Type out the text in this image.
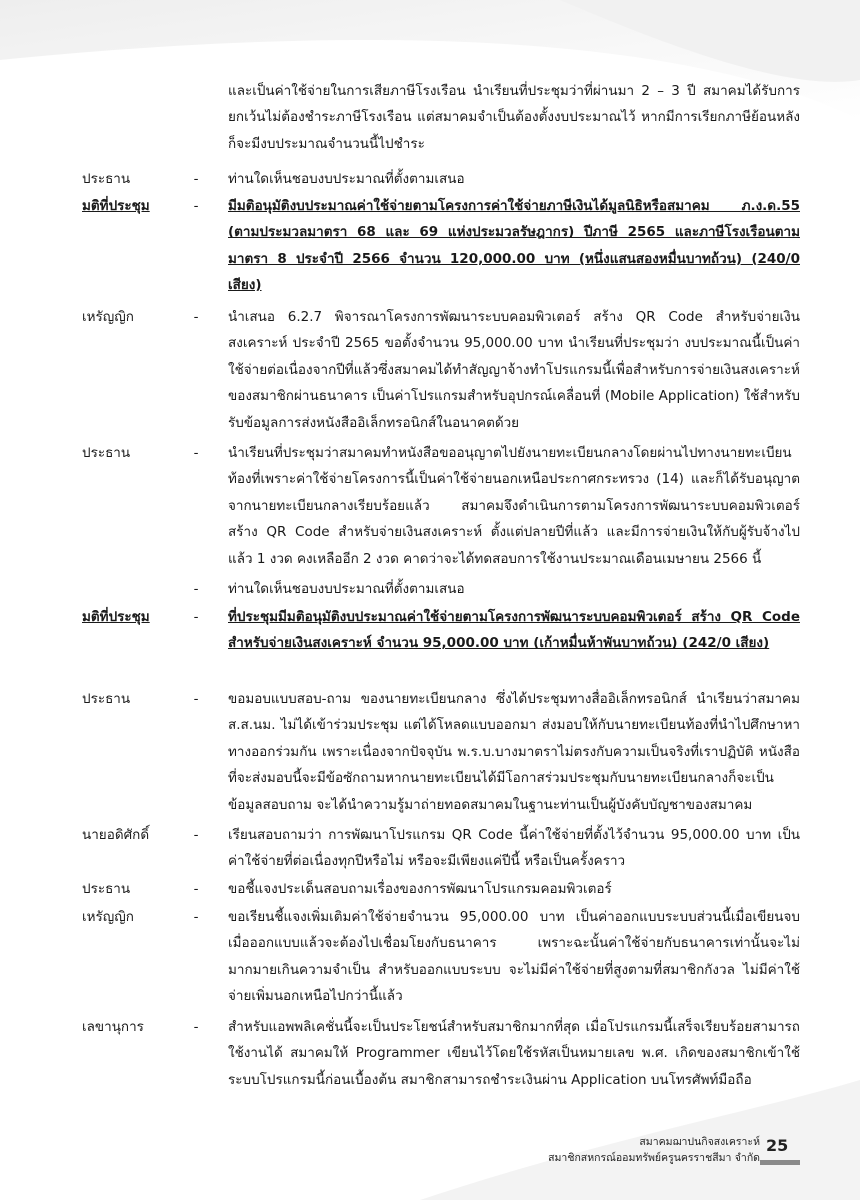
และเป็นค่าใช้จ่ายในการเสียภาษีโรงเรือน นำเรียนที่ประชุมว่าที่ผ่านมา 2 – 3 ปี สมาคมได้รับการยกเว้นไม่ต้องชำระภาษีโรงเรือน แต่สมาคมจำเป็นต้องตั้งงบประมาณไว้ หากมีการเรียกภาษีย้อนหลังก็จะมีงบประมาณจำนวนนี้ไปชำระ
ประธาน	-	ท่านใดเห็นชอบงบประมาณที่ตั้งตามเสนอ
มติที่ประชุม	-	มีมติอนุมัติงบประมาณค่าใช้จ่ายตามโครงการค่าใช้จ่ายภาษีเงินได้มูลนิธิหรือสมาคม ภ.ง.ด.55 (ตามประมวลมาตรา 68 และ 69 แห่งประมวลรัษฎากร) ปีภาษี 2565 และภาษีโรงเรือนตามมาตรา 8 ประจำปี 2566 จำนวน 120,000.00 บาท (หนึ่งแสนสองหมื่นบาทถ้วน) (240/0 เสียง)
เหรัญญิก	-	นำเสนอ 6.2.7 พิจารณาโครงการพัฒนาระบบคอมพิวเตอร์ สร้าง QR Code สำหรับจ่ายเงินสงเคราะห์ ประจำปี 2565 ขอตั้งจำนวน 95,000.00 บาท นำเรียนที่ประชุมว่า งบประมาณนี้เป็นค่าใช้จ่ายต่อเนื่องจากปีที่แล้วซึ่งสมาคมได้ทำสัญญาจ้างทำโปรแกรมนี้เพื่อสำหรับการจ่ายเงินสงเคราะห์ของสมาชิกผ่านธนาคาร เป็นค่าโปรแกรมสำหรับอุปกรณ์เคลื่อนที่ (Mobile Application) ใช้สำหรับรับข้อมูลการส่งหนังสืออิเล็กทรอนิกส์ในอนาคตด้วย
ประธาน	-	นำเรียนที่ประชุมว่าสมาคมทำหนังสือขออนุญาตไปยังนายทะเบียนกลางโดยผ่านไปทางนายทะเบียนท้องที่เพราะค่าใช้จ่ายโครงการนี้เป็นค่าใช้จ่ายนอกเหนือประกาศกระทรวง (14) และก็ได้รับอนุญาตจากนายทะเบียนกลางเรียบร้อยแล้ว สมาคมจึงดำเนินการตามโครงการพัฒนาระบบคอมพิวเตอร์ สร้าง QR Code สำหรับจ่ายเงินสงเคราะห์ ตั้งแต่ปลายปีที่แล้ว และมีการจ่ายเงินให้กับผู้รับจ้างไปแล้ว 1 งวด คงเหลืออีก 2 งวด คาดว่าจะได้ทดสอบการใช้งานประมาณเดือนเมษายน 2566 นี้
-	ท่านใดเห็นชอบงบประมาณที่ตั้งตามเสนอ
มติที่ประชุม	-	ที่ประชุมมีมติอนุมัติงบประมาณค่าใช้จ่ายตามโครงการพัฒนาระบบคอมพิวเตอร์ สร้าง QR Code สำหรับจ่ายเงินสงเคราะห์ จำนวน 95,000.00 บาท (เก้าหมื่นห้าพันบาทถ้วน) (242/0 เสียง)
ประธาน	-	ขอมอบแบบสอบ-ถาม ของนายทะเบียนกลาง ซึ่งได้ประชุมทางสื่ออิเล็กทรอนิกส์ นำเรียนว่าสมาคม ส.ส.นม. ไม่ได้เข้าร่วมประชุม แต่ได้โหลดแบบออกมา ส่งมอบให้กับนายทะเบียนท้องที่นำไปศึกษาหาทางออกร่วมกัน เพราะเนื่องจากปัจจุบัน พ.ร.บ.บางมาตราไม่ตรงกับความเป็นจริงที่เราปฏิบัติ หนังสือที่จะส่งมอบนี้จะมีข้อซักถามหากนายทะเบียนได้มีโอกาสร่วมประชุมกับนายทะเบียนกลางก็จะเป็นข้อมูลสอบถาม จะได้นำความรู้มาถ่ายทอดสมาคมในฐานะท่านเป็นผู้บังคับบัญชาของสมาคม
นายอดิศักดิ์	-	เรียนสอบถามว่า การพัฒนาโปรแกรม QR Code นี้ค่าใช้จ่ายที่ตั้งไว้จำนวน 95,000.00 บาท เป็นค่าใช้จ่ายที่ต่อเนื่องทุกปีหรือไม่ หรือจะมีเพียงแค่ปีนี้ หรือเป็นครั้งคราว
ประธาน	-	ขอชี้แจงประเด็นสอบถามเรื่องของการพัฒนาโปรแกรมคอมพิวเตอร์
เหรัญญิก	-	ขอเรียนชี้แจงเพิ่มเติมค่าใช้จ่ายจำนวน 95,000.00 บาท เป็นค่าออกแบบระบบส่วนนี้เมื่อเขียนจบเมื่อออกแบบแล้วจะต้องไปเชื่อมโยงกับธนาคาร เพราะฉะนั้นค่าใช้จ่ายกับธนาคารเท่านั้นจะไม่มากมายเกินความจำเป็น สำหรับออกแบบระบบ จะไม่มีค่าใช้จ่ายที่สูงตามที่สมาชิกกังวล ไม่มีค่าใช้จ่ายเพิ่มนอกเหนือไปกว่านี้แล้ว
เลขานุการ	-	สำหรับแอพพลิเคชั่นนี้จะเป็นประโยชน์สำหรับสมาชิกมากที่สุด เมื่อโปรแกรมนี้เสร็จเรียบร้อยสามารถใช้งานได้ สมาคมให้ Programmer เขียนไว้โดยใช้รหัสเป็นหมายเลข พ.ศ. เกิดของสมาชิกเข้าใช้ระบบโปรแกรมนี้ก่อนเบื้องต้น สมาชิกสามารถชำระเงินผ่าน Application บนโทรศัพท์มือถือ
สมาคมฌาปนกิจสงเคราะห์
สมาชิกสหกรณ์ออมทรัพย์ครูนครราชสีมา จำกัด
25
